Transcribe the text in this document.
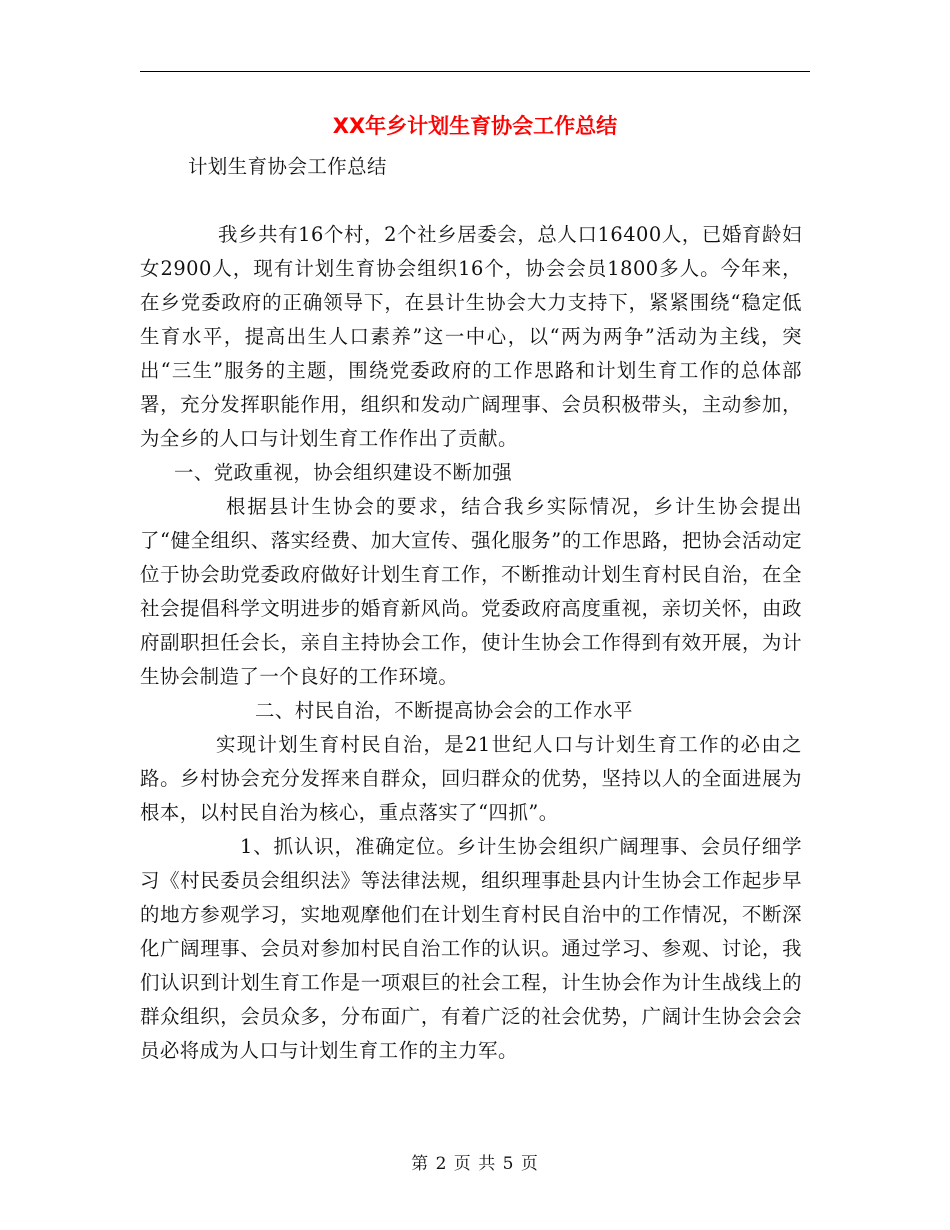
XX年乡计划生育协会工作总结

计划生育协会工作总结

我乡共有16个村，2个社乡居委会，总人口16400人，已婚育龄妇女2900人，现有计划生育协会组织16个，协会会员1800多人。今年来，在乡党委政府的正确领导下，在县计生协会大力支持下，紧紧围绕“稳定低生育水平，提高出生人口素养”这一中心，以“两为两争”活动为主线，突出“三生”服务的主题，围绕党委政府的工作思路和计划生育工作的总体部署，充分发挥职能作用，组织和发动广阔理事、会员积极带头，主动参加，为全乡的人口与计划生育工作作出了贡献。

一、党政重视，协会组织建设不断加强

根据县计生协会的要求，结合我乡实际情况，乡计生协会提出了“健全组织、落实经费、加大宣传、强化服务”的工作思路，把协会活动定位于协会助党委政府做好计划生育工作，不断推动计划生育村民自治，在全社会提倡科学文明进步的婚育新风尚。党委政府高度重视，亲切关怀，由政府副职担任会长，亲自主持协会工作，使计生协会工作得到有效开展，为计生协会制造了一个良好的工作环境。

二、村民自治，不断提高协会会的工作水平

实现计划生育村民自治，是21世纪人口与计划生育工作的必由之路。乡村协会充分发挥来自群众，回归群众的优势，坚持以人的全面进展为根本，以村民自治为核心，重点落实了“四抓”。

1、抓认识，准确定位。乡计生协会组织广阔理事、会员仔细学习《村民委员会组织法》等法律法规，组织理事赴县内计生协会工作起步早的地方参观学习，实地观摩他们在计划生育村民自治中的工作情况，不断深化广阔理事、会员对参加村民自治工作的认识。通过学习、参观、讨论，我们认识到计划生育工作是一项艰巨的社会工程，计生协会作为计生战线上的群众组织，会员众多，分布面广，有着广泛的社会优势，广阔计生协会会会员必将成为人口与计划生育工作的主力军。

第 2 页 共 5 页
